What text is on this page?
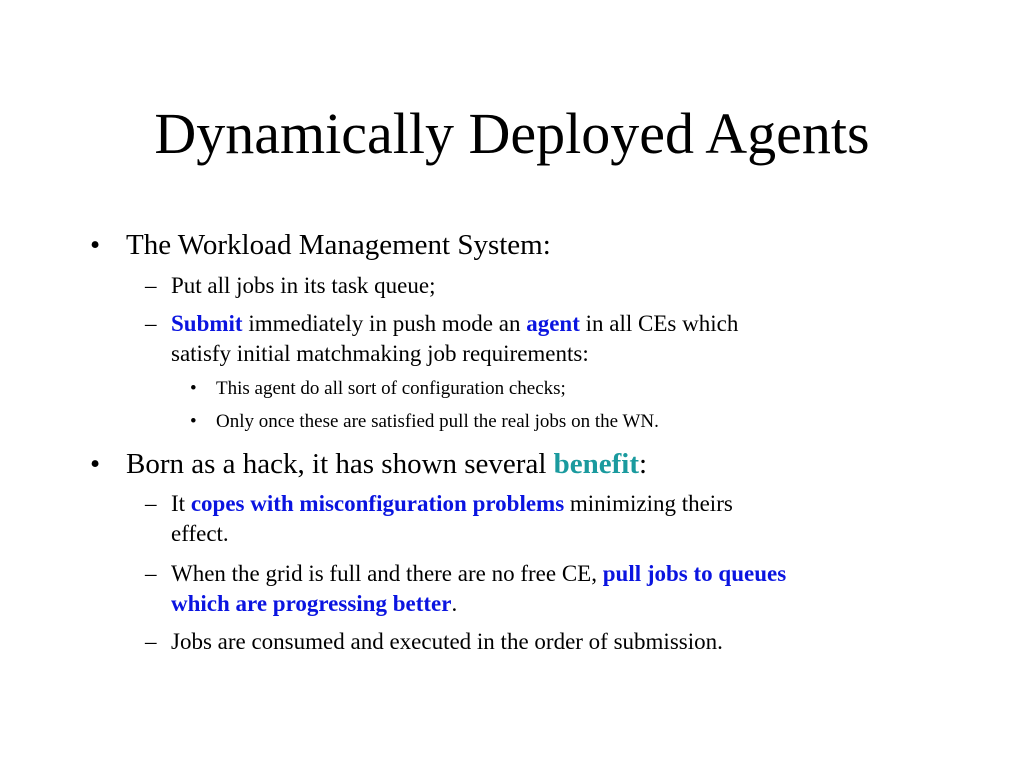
Dynamically Deployed Agents
• The Workload Management System:
– Put all jobs in its task queue;
– Submit immediately in push mode an agent in all CEs which
satisfy initial matchmaking job requirements:
• This agent do all sort of configuration checks;
• Only once these are satisfied pull the real jobs on the WN.
• Born as a hack, it has shown several benefit:
– It copes with misconfiguration problems minimizing theirs
effect.
– When the grid is full and there are no free CE, pull jobs to queues
which are progressing better.
– Jobs are consumed and executed in the order of submission.
